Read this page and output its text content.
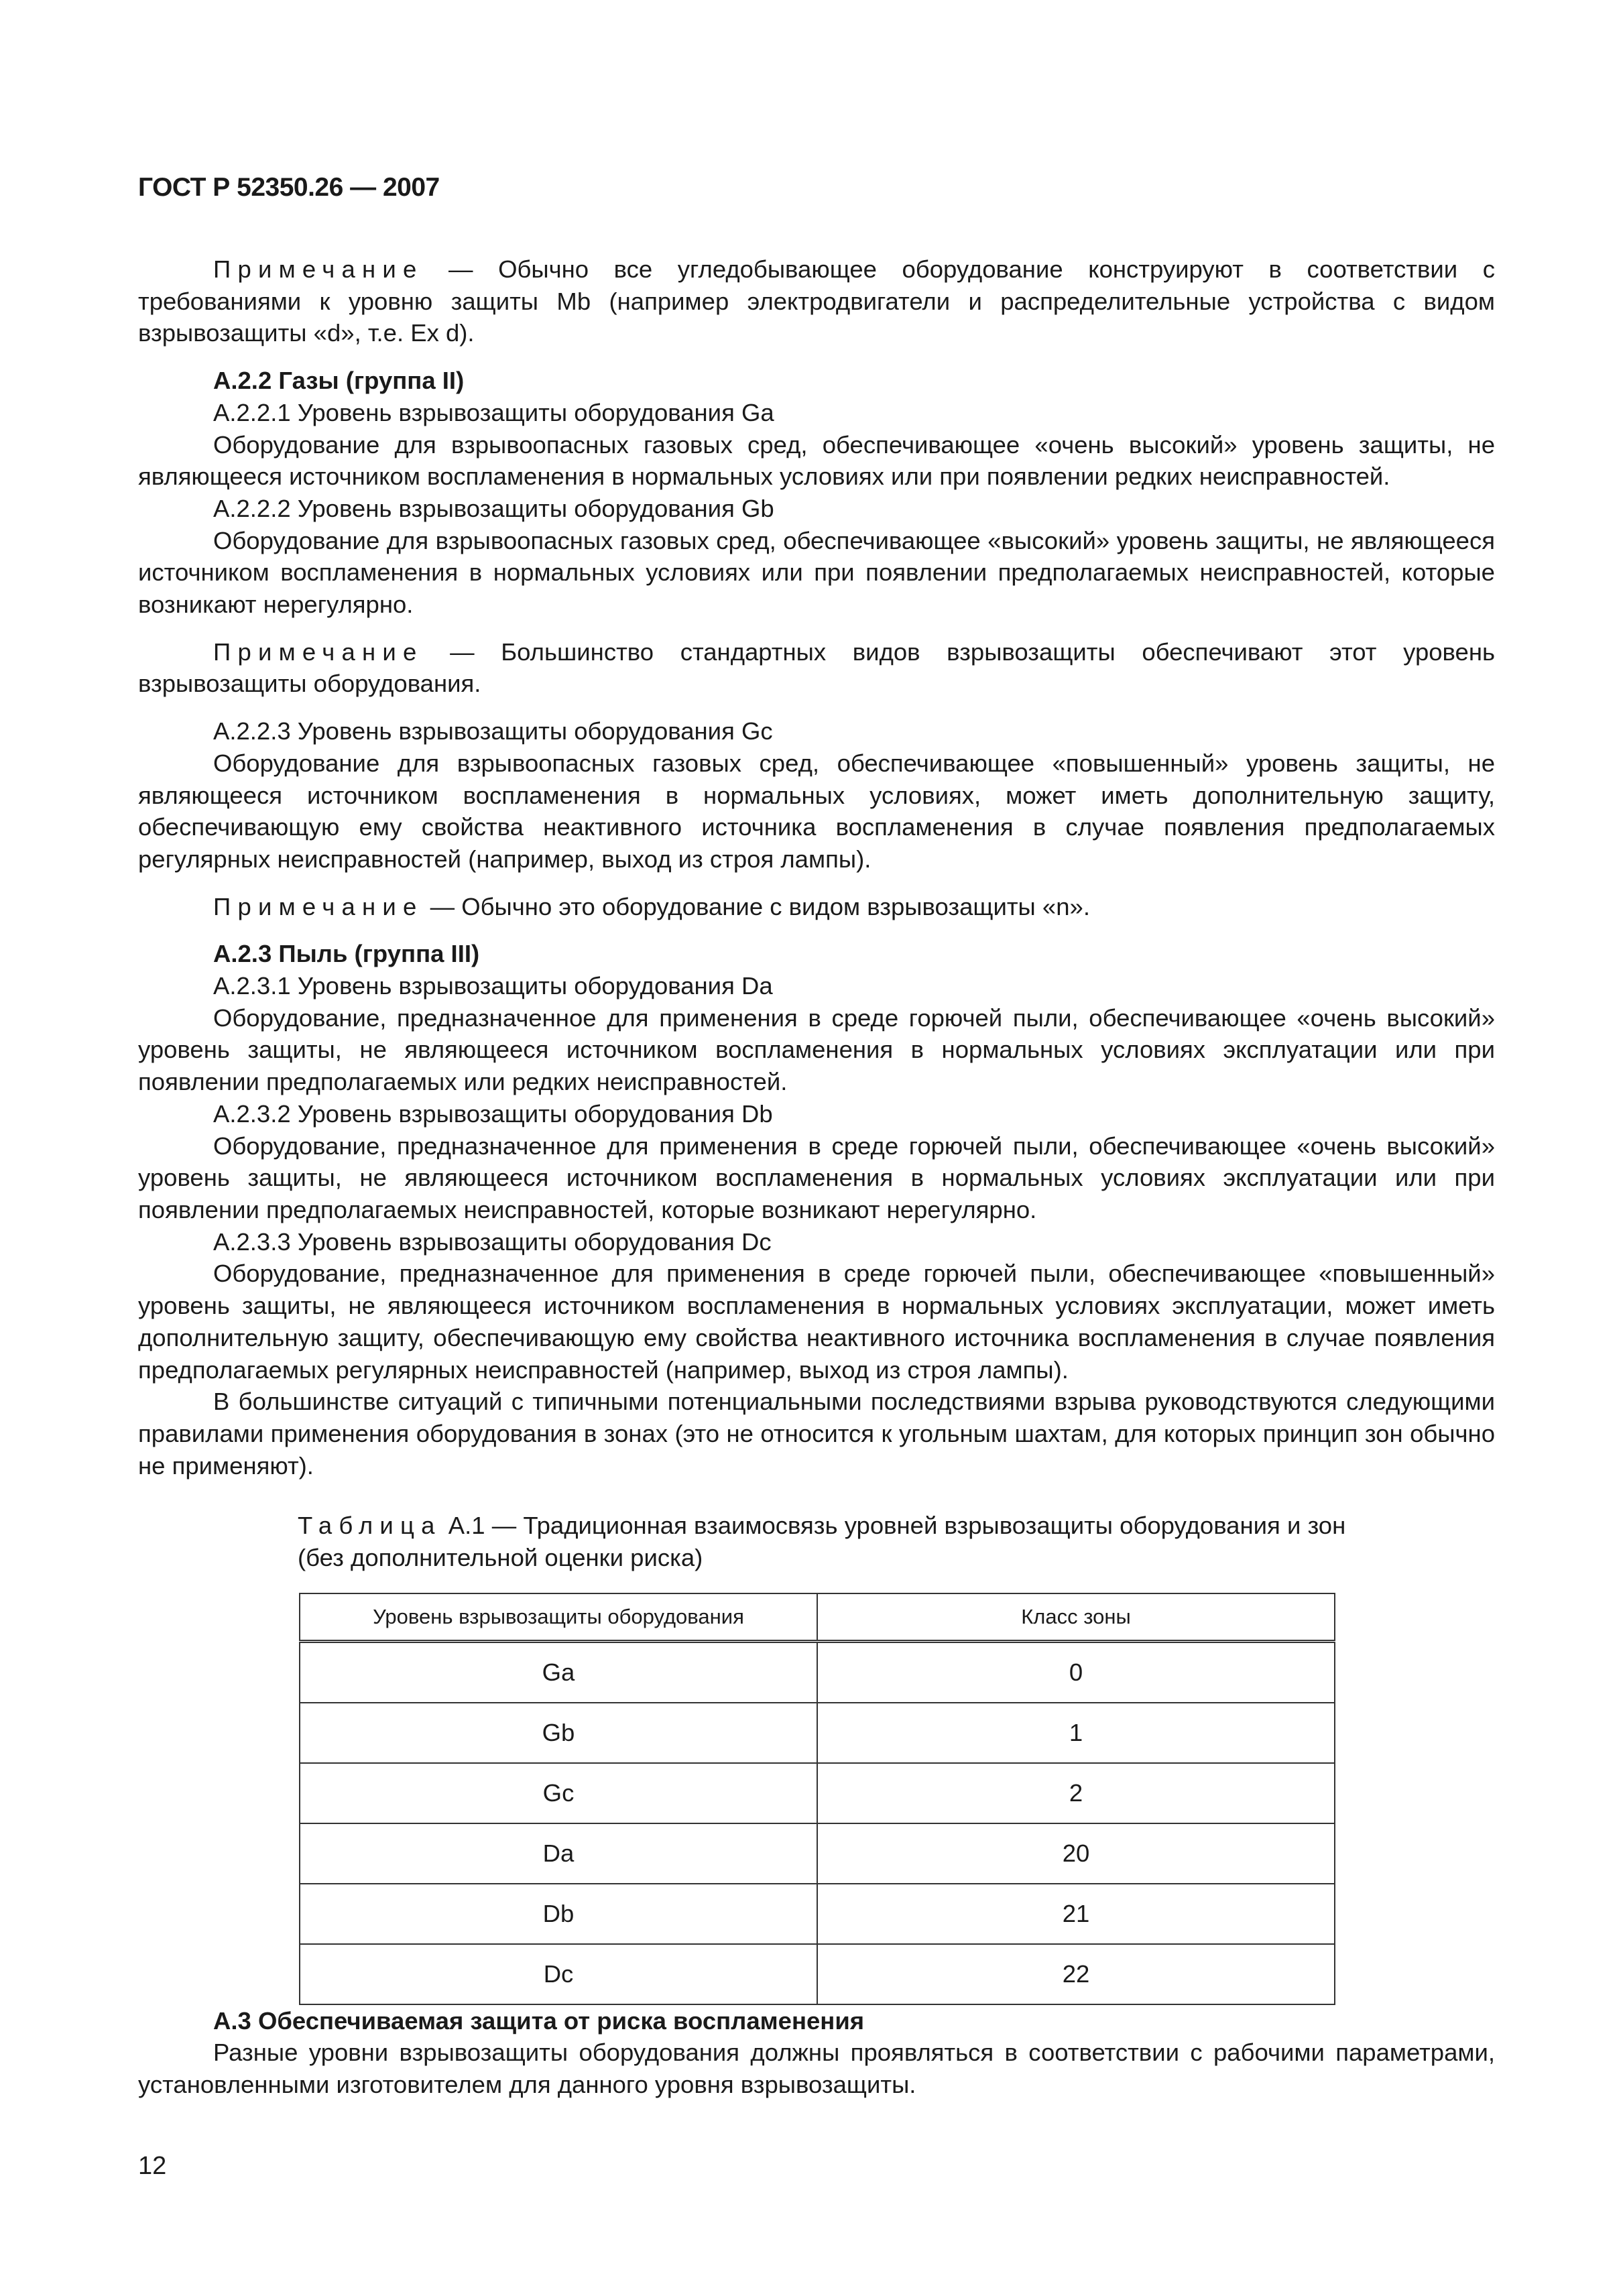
ГОСТ Р 52350.26 — 2007

Примечание — Обычно все угледобывающее оборудование конструируют в соответствии с требованиями к уровню защиты Mb (например электродвигатели и распределительные устройства с видом взрывозащиты «d», т.е. Ex d).

А.2.2 Газы (группа II)

А.2.2.1 Уровень взрывозащиты оборудования Ga

Оборудование для взрывоопасных газовых сред, обеспечивающее «очень высокий» уровень защиты, не являющееся источником воспламенения в нормальных условиях или при появлении редких неисправностей.

А.2.2.2 Уровень взрывозащиты оборудования Gb

Оборудование для взрывоопасных газовых сред, обеспечивающее «высокий» уровень защиты, не являющееся источником воспламенения в нормальных условиях или при появлении предполагаемых неисправностей, которые возникают нерегулярно.

Примечание — Большинство стандартных видов взрывозащиты обеспечивают этот уровень взрывозащиты оборудования.

А.2.2.3 Уровень взрывозащиты оборудования Gc

Оборудование для взрывоопасных газовых сред, обеспечивающее «повышенный» уровень защиты, не являющееся источником воспламенения в нормальных условиях, может иметь дополнительную защиту, обеспечивающую ему свойства неактивного источника воспламенения в случае появления предполагаемых регулярных неисправностей (например, выход из строя лампы).

Примечание — Обычно это оборудование с видом взрывозащиты «n».

А.2.3 Пыль (группа III)

А.2.3.1 Уровень взрывозащиты оборудования Da

Оборудование, предназначенное для применения в среде горючей пыли, обеспечивающее «очень высокий» уровень защиты, не являющееся источником воспламенения в нормальных условиях эксплуатации или при появлении предполагаемых или редких неисправностей.

А.2.3.2 Уровень взрывозащиты оборудования Db

Оборудование, предназначенное для применения в среде горючей пыли, обеспечивающее «очень высокий» уровень защиты, не являющееся источником воспламенения в нормальных условиях эксплуатации или при появлении предполагаемых неисправностей, которые возникают нерегулярно.

А.2.3.3 Уровень взрывозащиты оборудования Dc

Оборудование, предназначенное для применения в среде горючей пыли, обеспечивающее «повышенный» уровень защиты, не являющееся источником воспламенения в нормальных условиях эксплуатации, может иметь дополнительную защиту, обеспечивающую ему свойства неактивного источника воспламенения в случае появления предполагаемых регулярных неисправностей (например, выход из строя лампы).

В большинстве ситуаций с типичными потенциальными последствиями взрыва руководствуются следующими правилами применения оборудования в зонах (это не относится к угольным шахтам, для которых принцип зон обычно не применяют).

Таблица А.1 — Традиционная взаимосвязь уровней взрывозащиты оборудования и зон (без дополнительной оценки риска)
Уровень взрывозащиты оборудования	Класс зоны
Ga	0
Gb	1
Gc	2
Da	20
Db	21
Dc	22

А.3 Обеспечиваемая защита от риска воспламенения

Разные уровни взрывозащиты оборудования должны проявляться в соответствии с рабочими параметрами, установленными изготовителем для данного уровня взрывозащиты.

12
